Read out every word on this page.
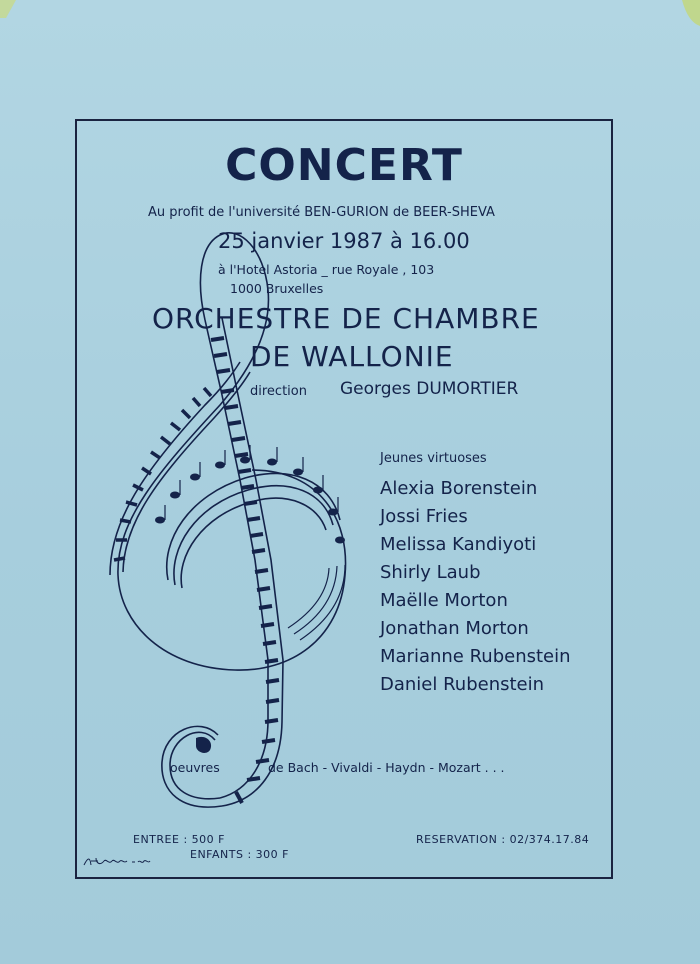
CONCERT
Au profit de l'université BEN-GURION de BEER-SHEVA
25 janvier 1987 à 16.00
à l'Hotel Astoria _ rue Royale , 103
1000 Bruxelles
ORCHESTRE DE CHAMBRE
DE WALLONIE
direction Georges DUMORTIER
Jeunes virtuoses
Alexia Borenstein
Jossi Fries
Melissa Kandiyoti
Shirly Laub
Maëlle Morton
Jonathan Morton
Marianne Rubenstein
Daniel Rubenstein
oeuvres	de Bach - Vivaldi - Haydn - Mozart . . .
ENTREE : 500 F
ENFANTS : 300 F
RESERVATION : 02/374.17.84
